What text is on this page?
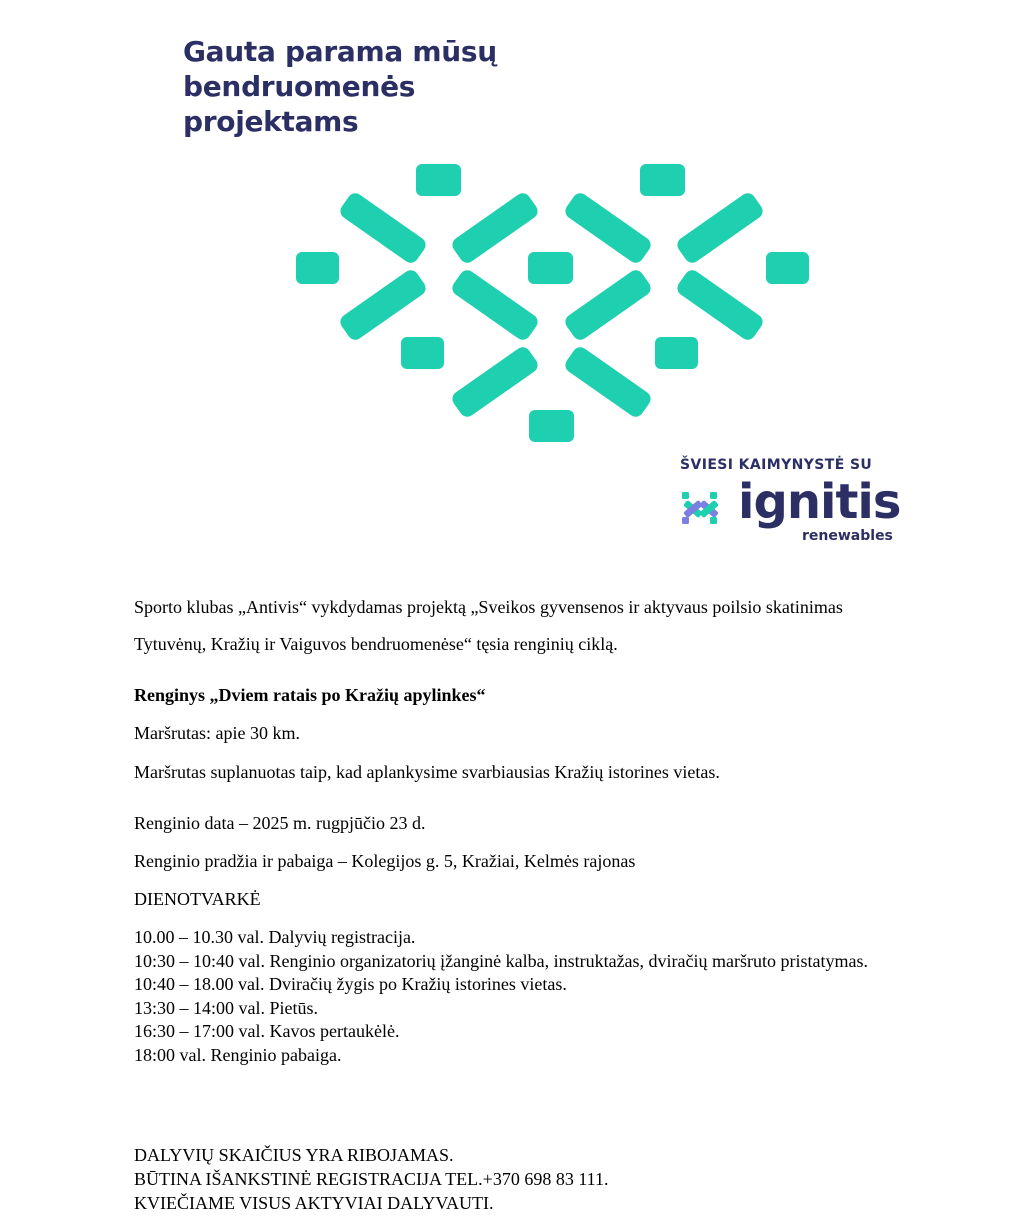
Gauta parama mūsų
bendruomenės
projektams
ŠVIESI KAIMYNYSTĖ SU
ignitis
renewables

Sporto klubas „Antivis“ vykdydamas projektą „Sveikos gyvensenos ir aktyvaus poilsio skatinimas

Tytuvėnų, Kražių ir Vaiguvos bendruomenėse“ tęsia renginių ciklą.

Renginys „Dviem ratais po Kražių apylinkes“

Maršrutas: apie 30 km.

Maršrutas suplanuotas taip, kad aplankysime svarbiausias Kražių istorines vietas.

Renginio data – 2025 m. rugpjūčio 23 d.

Renginio pradžia ir pabaiga – Kolegijos g. 5, Kražiai, Kelmės rajonas

DIENOTVARKĖ

10.00 – 10.30 val. Dalyvių registracija.
10:30 – 10:40 val. Renginio organizatorių įžanginė kalba, instruktažas, dviračių maršruto pristatymas.
10:40 – 18.00 val. Dviračių žygis po Kražių istorines vietas.
13:30 – 14:00 val. Pietūs.
16:30 – 17:00 val. Kavos pertaukėlė.
18:00 val. Renginio pabaiga.
DALYVIŲ SKAIČIUS YRA RIBOJAMAS.
BŪTINA IŠANKSTINĖ REGISTRACIJA TEL.+370 698 83 111.
KVIEČIAME VISUS AKTYVIAI DALYVAUTI.
